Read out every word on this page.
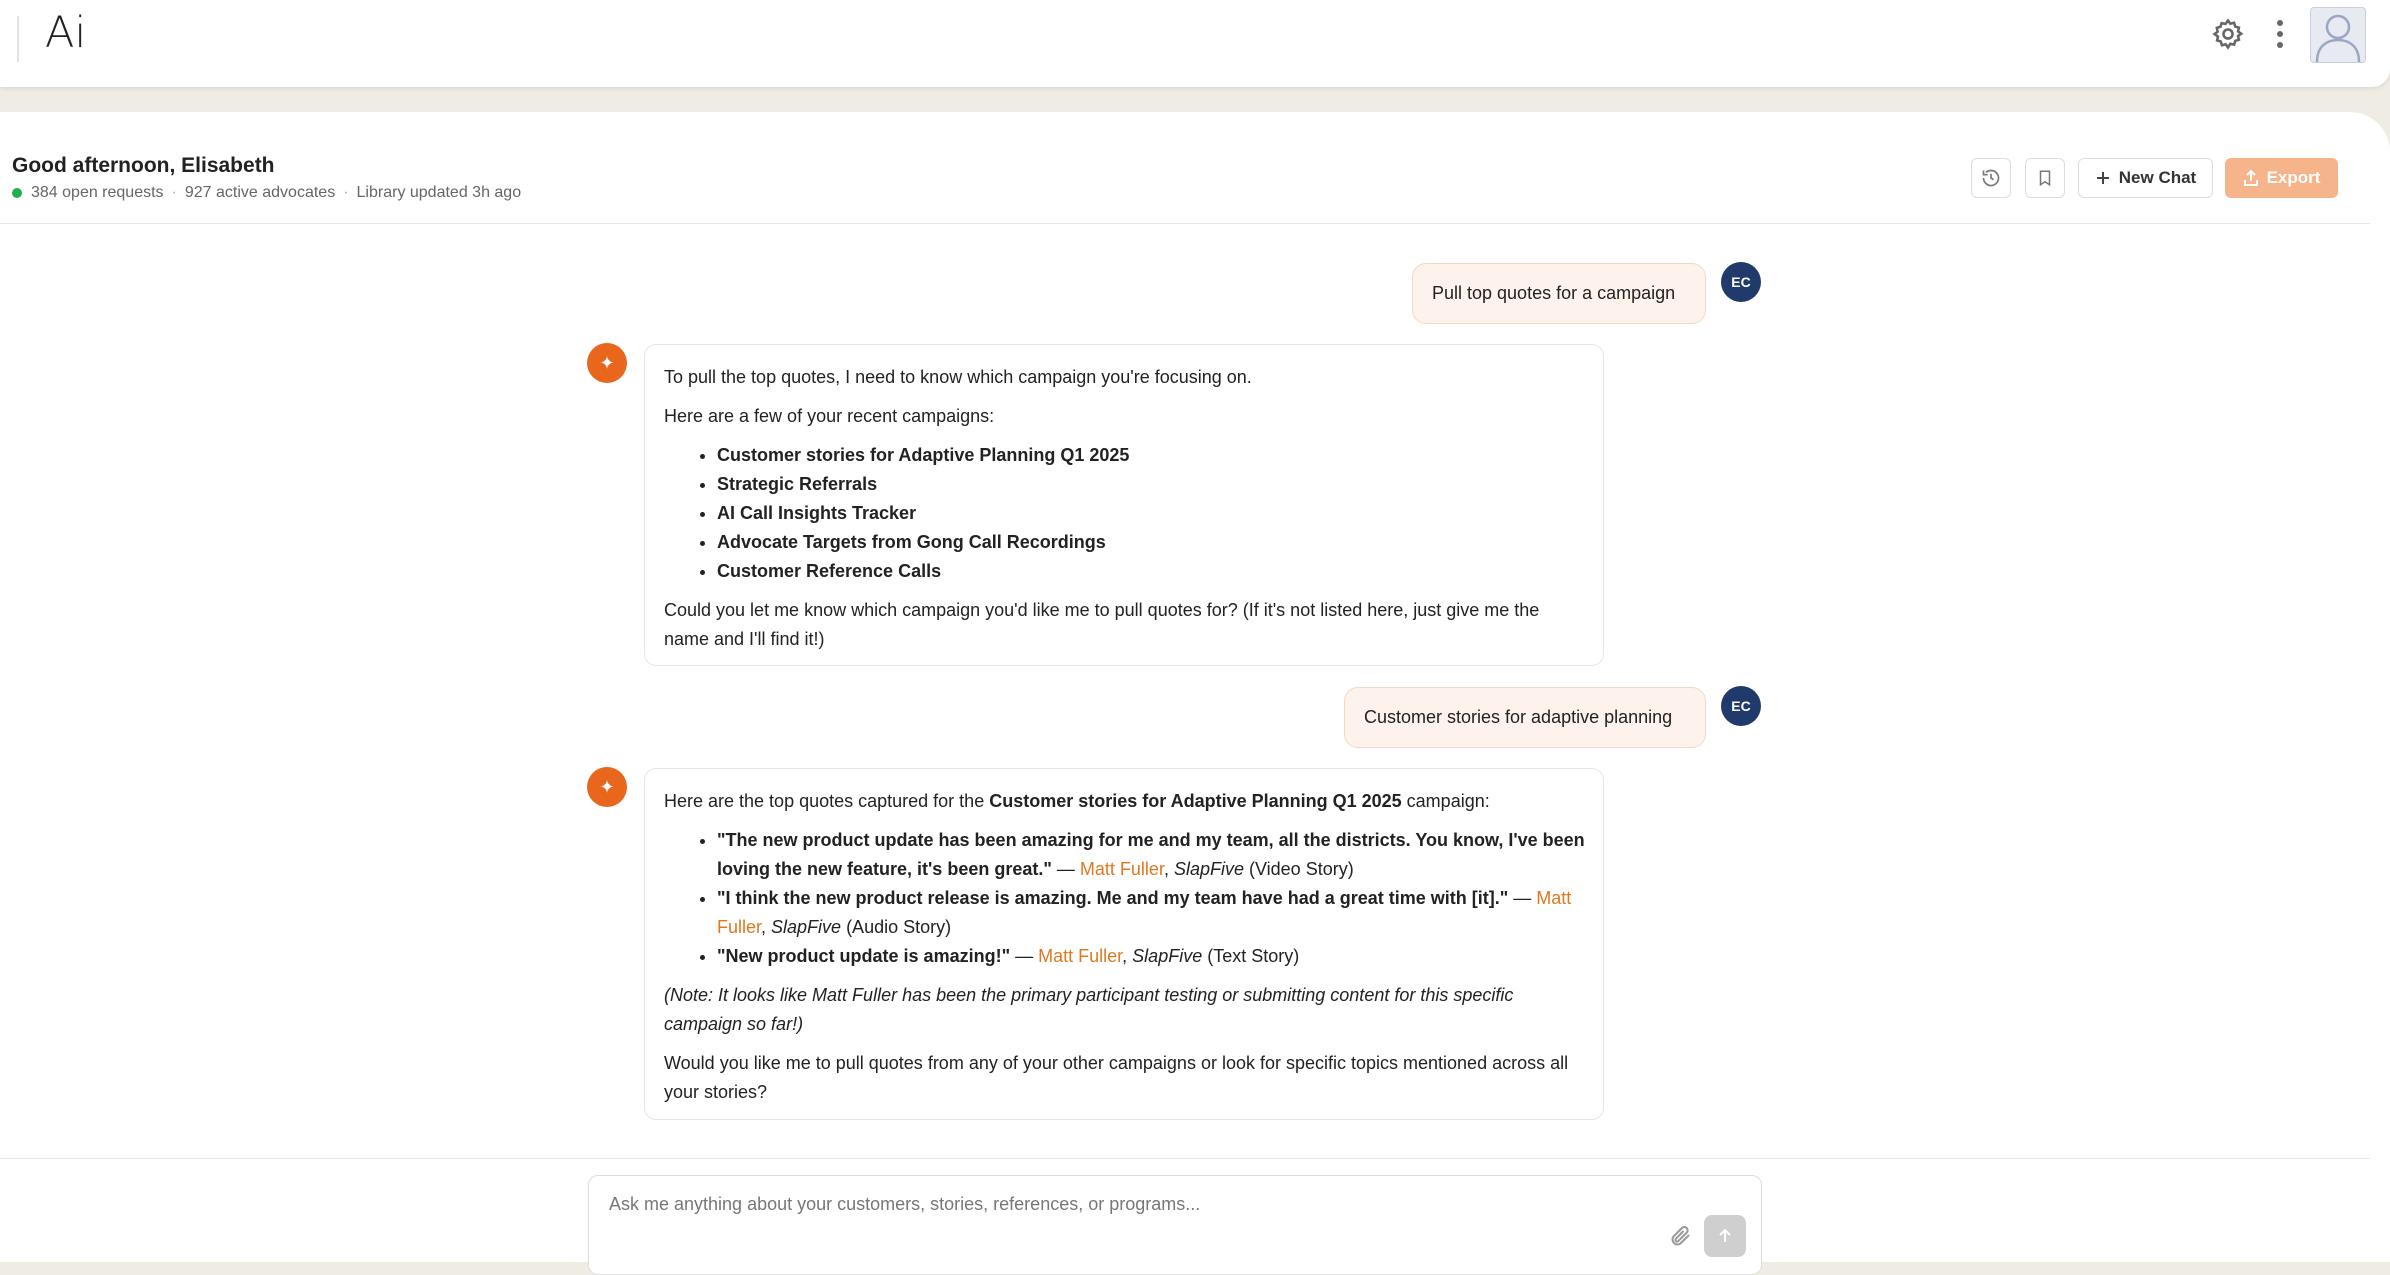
Ai
Good afternoon, Elisabeth
384 open requests · 927 active advocates · Library updated 3h ago
New Chat	Export
Pull top quotes for a campaign
EC
✦

To pull the top quotes, I need to know which campaign you're focusing on.

Here are a few of your recent campaigns:

• Customer stories for Adaptive Planning Q1 2025
• Strategic Referrals
• AI Call Insights Tracker
• Advocate Targets from Gong Call Recordings
• Customer Reference Calls

Could you let me know which campaign you'd like me to pull quotes for? (If it's not listed here, just give me the name and I'll find it!)

Customer stories for adaptive planning
EC
✦

Here are the top quotes captured for the Customer stories for Adaptive Planning Q1 2025 campaign:

• "The new product update has been amazing for me and my team, all the districts. You know, I've been loving the new feature, it's been great." — Matt Fuller, SlapFive (Video Story)
• "I think the new product release is amazing. Me and my team have had a great time with [it]." — Matt Fuller, SlapFive (Audio Story)
• "New product update is amazing!" — Matt Fuller, SlapFive (Text Story)

(Note: It looks like Matt Fuller has been the primary participant testing or submitting content for this specific campaign so far!)

Would you like me to pull quotes from any of your other campaigns or look for specific topics mentioned across all your stories?

Ask me anything about your customers, stories, references, or programs...
